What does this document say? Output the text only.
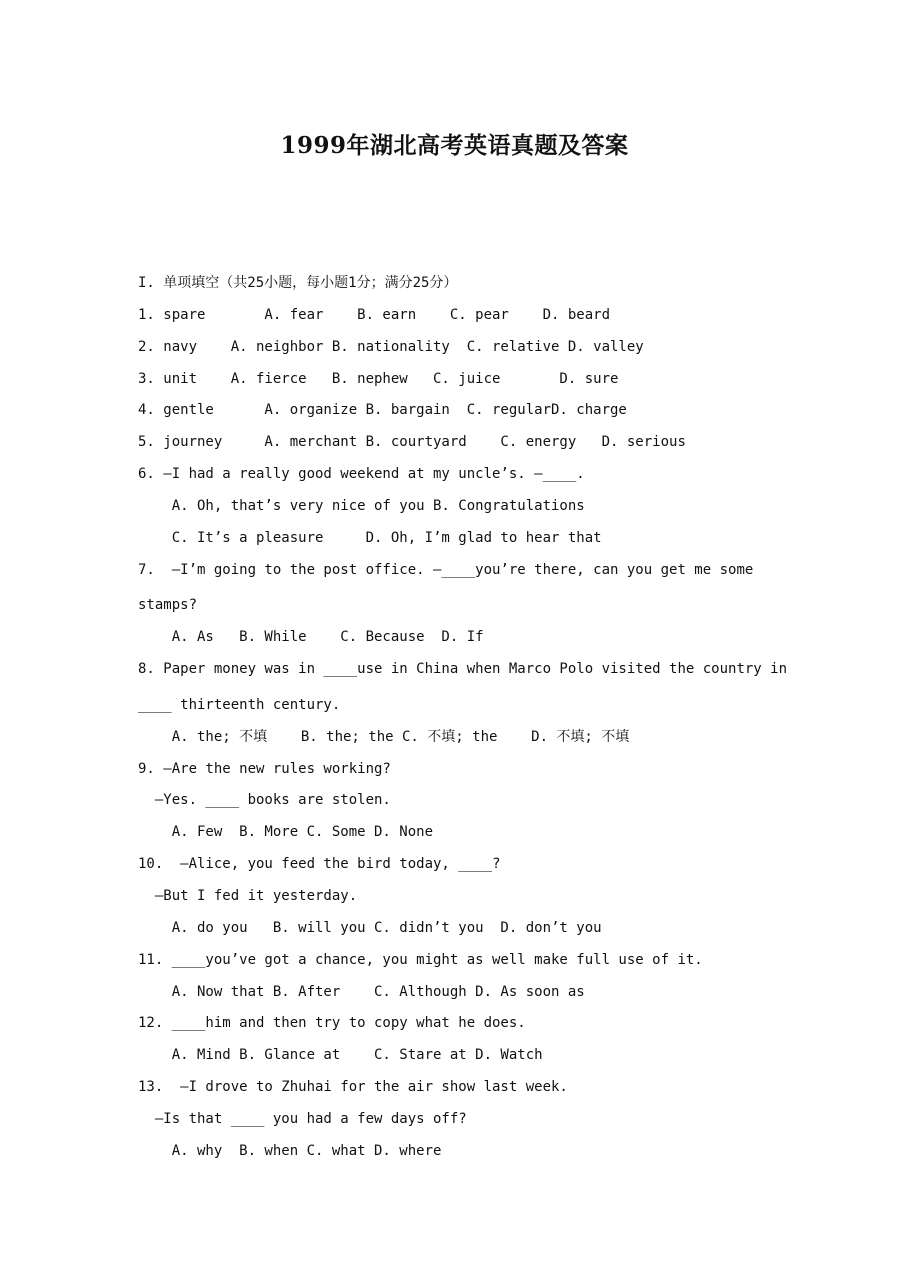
1999年湖北高考英语真题及答案
I. 单项填空（共25小题，每小题1分；满分25分）
1. spare       A. fear    B. earn    C. pear    D. beard
2. navy    A. neighbor B. nationality  C. relative D. valley
3. unit    A. fierce   B. nephew   C. juice       D. sure
4. gentle      A. organize B. bargain  C. regularD. charge
5. journey     A. merchant B. courtyard    C. energy   D. serious
6. —I had a really good weekend at my uncle’s. —____.
A. Oh, that’s very nice of you B. Congratulations
C. It’s a pleasure     D. Oh, I’m glad to hear that
7.  —I’m going to the post office. —____you’re there, can you get me some
stamps?
A. As   B. While    C. Because  D. If
8. Paper money was in ____use in China when Marco Polo visited the country in
____ thirteenth century.
A. the; 不填    B. the; the C. 不填; the    D. 不填; 不填
9. —Are the new rules working?
—Yes. ____ books are stolen.
A. Few  B. More C. Some D. None
10.  —Alice, you feed the bird today, ____?
—But I fed it yesterday.
A. do you   B. will you C. didn’t you  D. don’t you
11. ____you’ve got a chance, you might as well make full use of it.
A. Now that B. After    C. Although D. As soon as
12. ____him and then try to copy what he does.
A. Mind B. Glance at    C. Stare at D. Watch
13.  —I drove to Zhuhai for the air show last week.
—Is that ____ you had a few days off?
A. why  B. when C. what D. where
